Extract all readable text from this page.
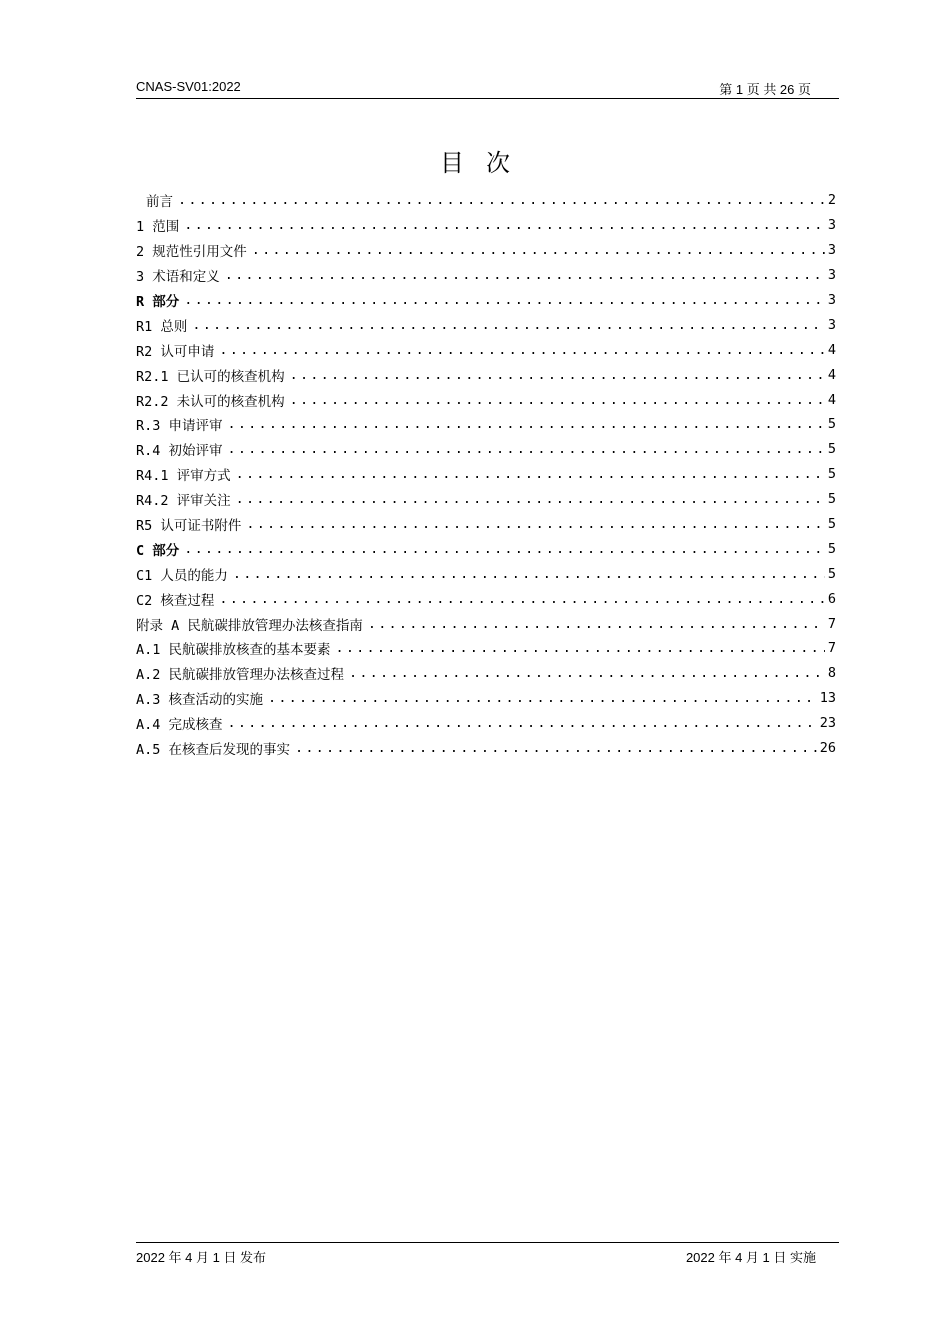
CNAS-SV01:2022	第 1 页 共 26 页
目次
前言 .....	2
1 范围 .....	3
2 规范性引用文件 .....	3
3 术语和定义 .....	3
R 部分 .....	3
R1 总则 .....	3
R2 认可申请 .....	4
R2.1 已认可的核查机构 .....	4
R2.2 未认可的核查机构 .....	4
R.3 申请评审 .....	5
R.4 初始评审 .....	5
R4.1 评审方式 .....	5
R4.2 评审关注 .....	5
R5 认可证书附件 .....	5
C 部分 .....	5
C1 人员的能力 .....	5
C2 核查过程 .....	6
附录 A 民航碳排放管理办法核查指南 .....	7
A.1 民航碳排放核查的基本要素 .....	7
A.2 民航碳排放管理办法核查过程 .....	8
A.3 核查活动的实施 .....	13
A.4 完成核查 .....	23
A.5 在核查后发现的事实 .....	26
2022 年 4 月 1 日 发布	2022 年 4 月 1 日 实施
